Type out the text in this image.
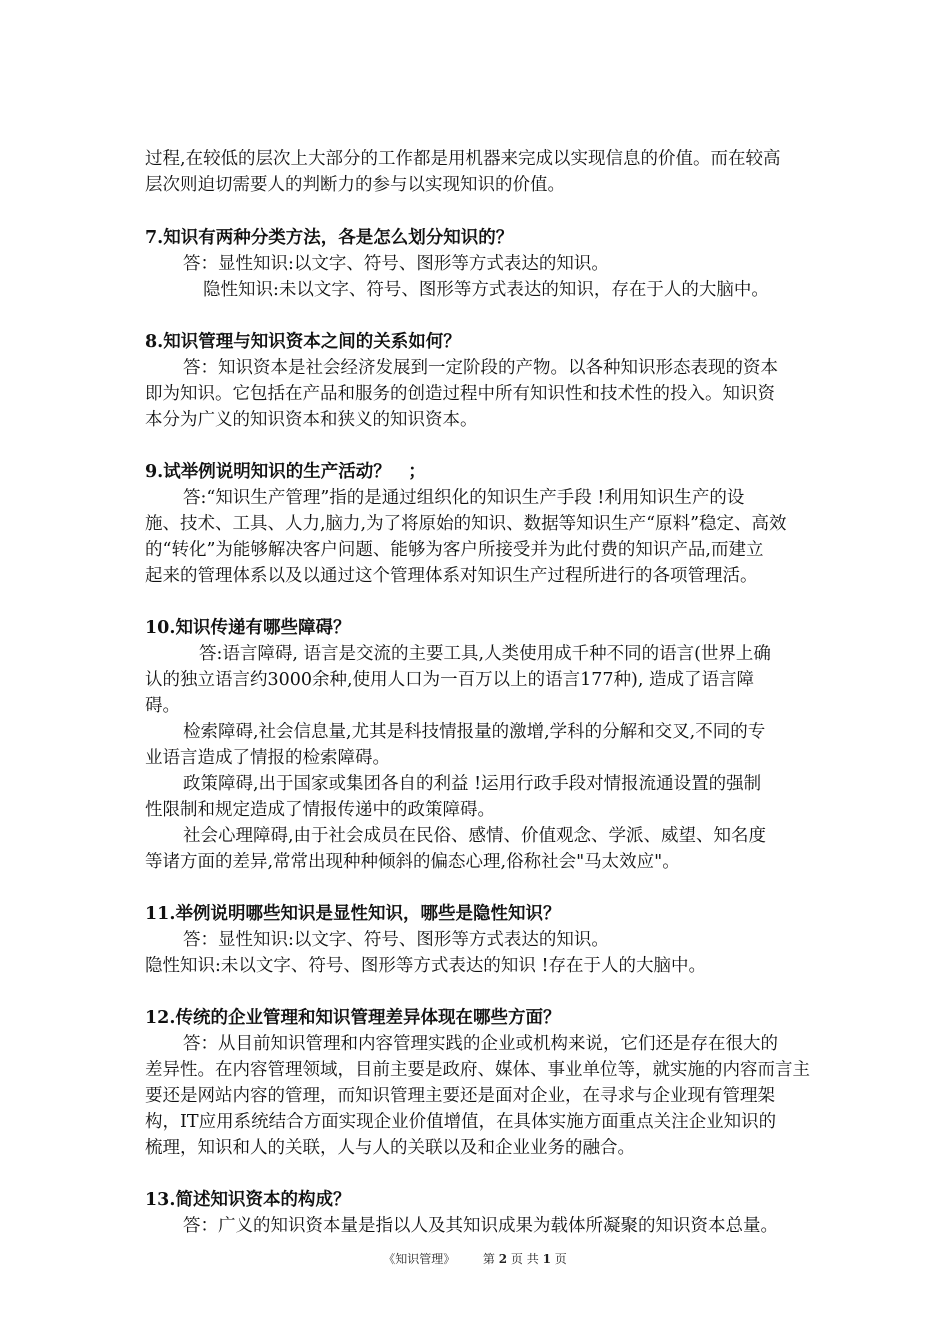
过程,在较低的层次上大部分的工作都是用机器来完成以实现信息的价值。而在较高
层次则迫切需要人的判断力的参与以实现知识的价值。
7.知识有两种分类方法，各是怎么划分知识的？
答：显性知识:以文字、符号、图形等方式表达的知识。
隐性知识:未以文字、符号、图形等方式表达的知识，存在于人的大脑中。
8.知识管理与知识资本之间的关系如何？
答：知识资本是社会经济发展到一定阶段的产物。以各种知识形态表现的资本
即为知识。它包括在产品和服务的创造过程中所有知识性和技术性的投入。知识资
本分为广义的知识资本和狭义的知识资本。
9.试举例说明知识的生产活动？　；
答:“知识生产管理”指的是通过组织化的知识生产手段 !利用知识生产的设
施、技术、工具、人力,脑力,为了将原始的知识、数据等知识生产“原料”稳定、高效
的“转化”为能够解决客户问题、能够为客户所接受并为此付费的知识产品,而建立
起来的管理体系以及以通过这个管理体系对知识生产过程所进行的各项管理活。
10.知识传递有哪些障碍？
答:语言障碍, 语言是交流的主要工具,人类使用成千种不同的语言(世界上确
认的独立语言约3000余种,使用人口为一百万以上的语言177种), 造成了语言障
碍。
检索障碍,社会信息量,尤其是科技情报量的激增,学科的分解和交叉,不同的专
业语言造成了情报的检索障碍。
政策障碍,出于国家或集团各自的利益 !运用行政手段对情报流通设置的强制
性限制和规定造成了情报传递中的政策障碍。
社会心理障碍,由于社会成员在民俗、感情、价值观念、学派、威望、知名度
等诸方面的差异,常常出现种种倾斜的偏态心理,俗称社会"马太效应"。
11.举例说明哪些知识是显性知识，哪些是隐性知识？
答：显性知识:以文字、符号、图形等方式表达的知识。
隐性知识:未以文字、符号、图形等方式表达的知识 !存在于人的大脑中。
12.传统的企业管理和知识管理差异体现在哪些方面？
答：从目前知识管理和内容管理实践的企业或机构来说，它们还是存在很大的
差异性。在内容管理领域，目前主要是政府、媒体、事业单位等，就实施的内容而言主
要还是网站内容的管理，而知识管理主要还是面对企业，在寻求与企业现有管理架
构，IT应用系统结合方面实现企业价值增值，在具体实施方面重点关注企业知识的
梳理，知识和人的关联，人与人的关联以及和企业业务的融合。
13.简述知识资本的构成？
答：广义的知识资本量是指以人及其知识成果为载体所凝聚的知识资本总量。
《知识管理》 第 2 页 共 1 页
